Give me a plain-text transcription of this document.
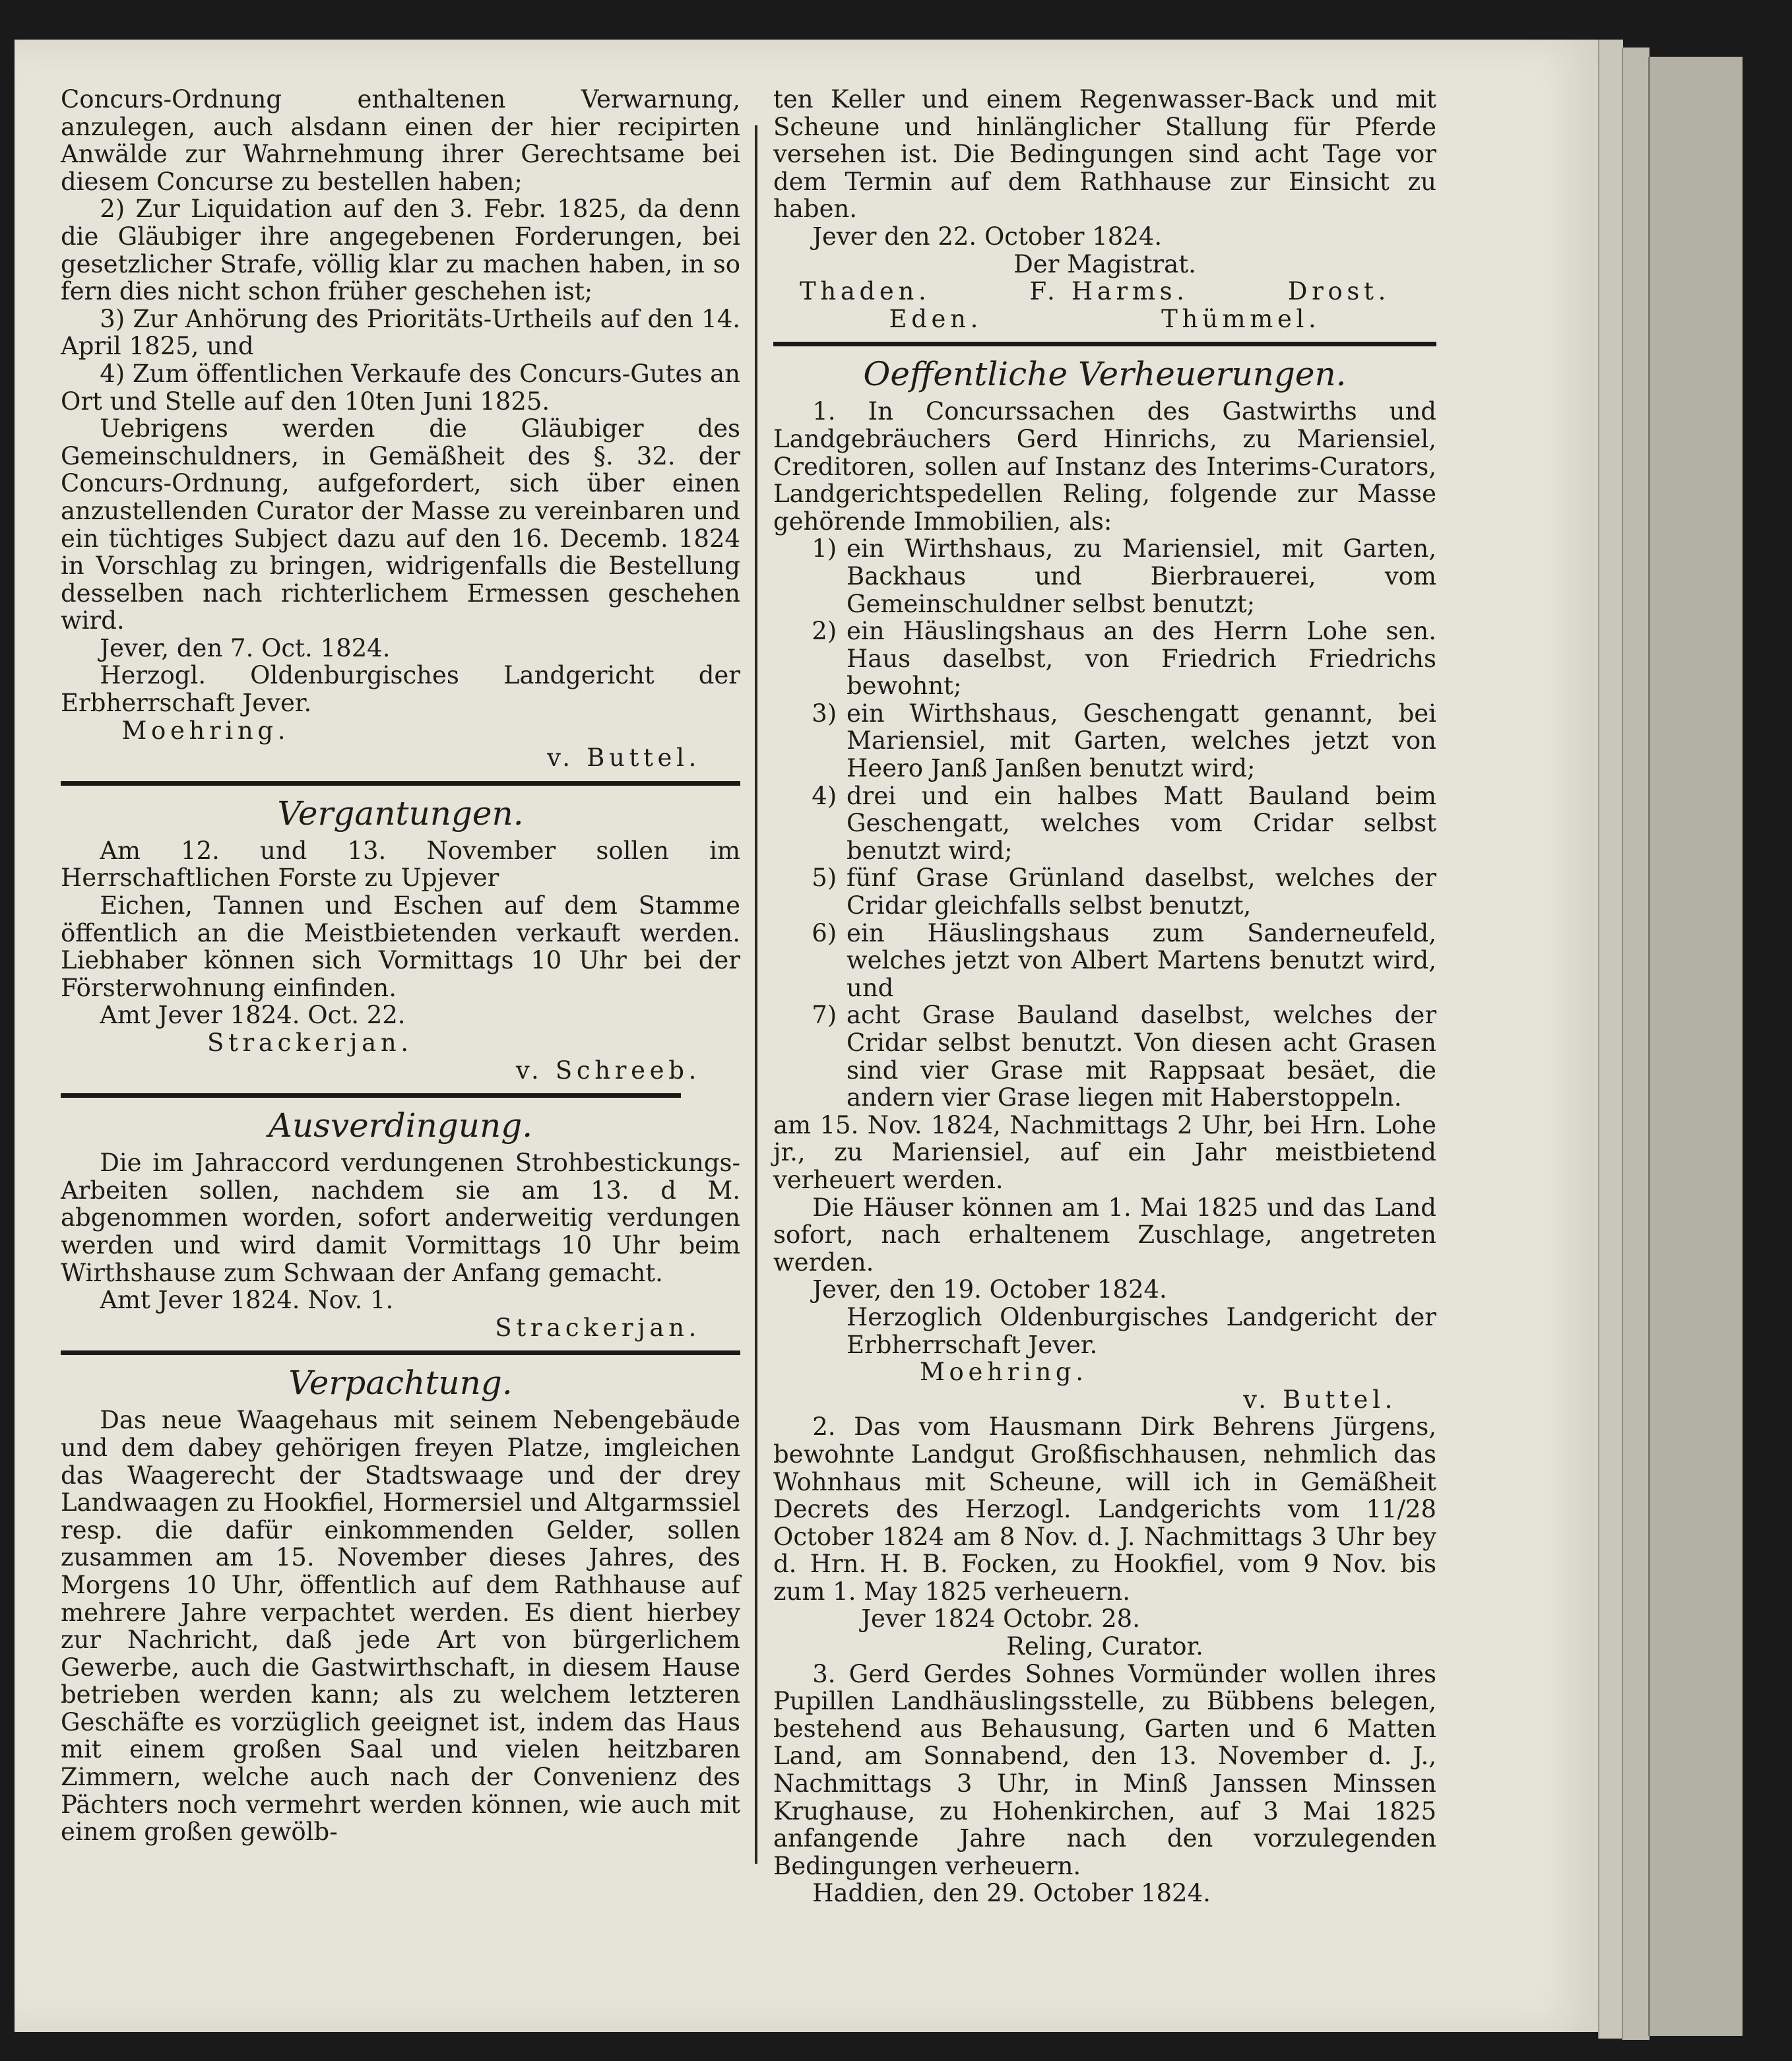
Concurs-Ordnung enthaltenen Verwarnung, anzulegen, auch alsdann einen der hier recipirten Anwälde zur Wahrnehmung ihrer Gerechtsame bei diesem Concurse zu bestellen haben;

2) Zur Liquidation auf den 3. Febr. 1825, da denn die Gläubiger ihre angegebenen Forderungen, bei gesetzlicher Strafe, völlig klar zu machen haben, in so fern dies nicht schon früher geschehen ist;

3) Zur Anhörung des Prioritäts-Urtheils auf den 14. April 1825, und

4) Zum öffentlichen Verkaufe des Concurs-Gutes an Ort und Stelle auf den 10ten Juni 1825.

Uebrigens werden die Gläubiger des Gemeinschuldners, in Gemäßheit des §. 32. der Concurs-Ordnung, aufgefordert, sich über einen anzustellenden Curator der Masse zu vereinbaren und ein tüchtiges Subject dazu auf den 16. Decemb. 1824 in Vorschlag zu bringen, widrigenfalls die Bestellung desselben nach richterlichem Ermessen geschehen wird.

Jever, den 7. Oct. 1824.

Herzogl. Oldenburgisches Landgericht der Erbherrschaft Jever.

Moehring.

v. Buttel.

Vergantungen.

Am 12. und 13. November sollen im Herrschaftlichen Forste zu Upjever

Eichen, Tannen und Eschen auf dem Stamme öffentlich an die Meistbietenden verkauft werden. Liebhaber können sich Vormittags 10 Uhr bei der Försterwohnung einfinden.

Amt Jever 1824. Oct. 22.

Strackerjan.

v. Schreeb.

Ausverdingung.

Die im Jahraccord verdungenen Strohbestickungs-Arbeiten sollen, nachdem sie am 13. d M. abgenommen worden, sofort anderweitig verdungen werden und wird damit Vormittags 10 Uhr beim Wirthshause zum Schwaan der Anfang gemacht.

Amt Jever 1824. Nov. 1.

Strackerjan.

Verpachtung.

Das neue Waagehaus mit seinem Nebengebäude und dem dabey gehörigen freyen Platze, imgleichen das Waagerecht der Stadtswaage und der drey Landwaagen zu Hookfiel, Hormersiel und Altgarmssiel resp. die dafür einkommenden Gelder, sollen zusammen am 15. November dieses Jahres, des Morgens 10 Uhr, öffentlich auf dem Rathhause auf mehrere Jahre verpachtet werden. Es dient hierbey zur Nachricht, daß jede Art von bürgerlichem Gewerbe, auch die Gastwirthschaft, in diesem Hause betrieben werden kann; als zu welchem letzteren Geschäfte es vorzüglich geeignet ist, indem das Haus mit einem großen Saal und vielen heitzbaren Zimmern, welche auch nach der Convenienz des Pächters noch vermehrt werden können, wie auch mit einem großen gewölb-

ten Keller und einem Regenwasser-Back und mit Scheune und hinlänglicher Stallung für Pferde versehen ist. Die Bedingungen sind acht Tage vor dem Termin auf dem Rathhause zur Einsicht zu haben.

Jever den 22. October 1824.

Der Magistrat.

Thaden.	F. Harms.	Drost.
Eden.	Thümmel.
Oeffentliche Verheuerungen.

1. In Concurssachen des Gastwirths und Landgebräuchers Gerd Hinrichs, zu Mariensiel, Creditoren, sollen auf Instanz des Interims-Curators, Landgerichtspedellen Reling, folgende zur Masse gehörende Immobilien, als:

1) ein Wirthshaus, zu Mariensiel, mit Garten, Backhaus und Bierbrauerei, vom Gemeinschuldner selbst benutzt;
2) ein Häuslingshaus an des Herrn Lohe sen. Haus daselbst, von Friedrich Friedrichs bewohnt;
3) ein Wirthshaus, Geschengatt genannt, bei Mariensiel, mit Garten, welches jetzt von Heero Janß Janßen benutzt wird;
4) drei und ein halbes Matt Bauland beim Geschengatt, welches vom Cridar selbst benutzt wird;
5) fünf Grase Grünland daselbst, welches der Cridar gleichfalls selbst benutzt,
6) ein Häuslingshaus zum Sanderneufeld, welches jetzt von Albert Martens benutzt wird, und
7) acht Grase Bauland daselbst, welches der Cridar selbst benutzt. Von diesen acht Grasen sind vier Grase mit Rappsaat besäet, die andern vier Grase liegen mit Haberstoppeln.

am 15. Nov. 1824, Nachmittags 2 Uhr, bei Hrn. Lohe jr., zu Mariensiel, auf ein Jahr meistbietend verheuert werden.

Die Häuser können am 1. Mai 1825 und das Land sofort, nach erhaltenem Zuschlage, angetreten werden.

Jever, den 19. October 1824.

Herzoglich Oldenburgisches Landgericht der Erbherrschaft Jever.

Moehring.

v. Buttel.

2. Das vom Hausmann Dirk Behrens Jürgens, bewohnte Landgut Großfischhausen, nehmlich das Wohnhaus mit Scheune, will ich in Gemäßheit Decrets des Herzogl. Landgerichts vom 11/28 October 1824 am 8 Nov. d. J. Nachmittags 3 Uhr bey d. Hrn. H. B. Focken, zu Hookfiel, vom 9 Nov. bis zum 1. May 1825 verheuern.

Jever 1824 Octobr. 28.

Reling, Curator.

3. Gerd Gerdes Sohnes Vormünder wollen ihres Pupillen Landhäuslingsstelle, zu Bübbens belegen, bestehend aus Behausung, Garten und 6 Matten Land, am Sonnabend, den 13. November d. J., Nachmittags 3 Uhr, in Minß Janssen Minssen Krughause, zu Hohenkirchen, auf 3 Mai 1825 anfangende Jahre nach den vorzulegenden Bedingungen verheuern.

Haddien, den 29. October 1824.
